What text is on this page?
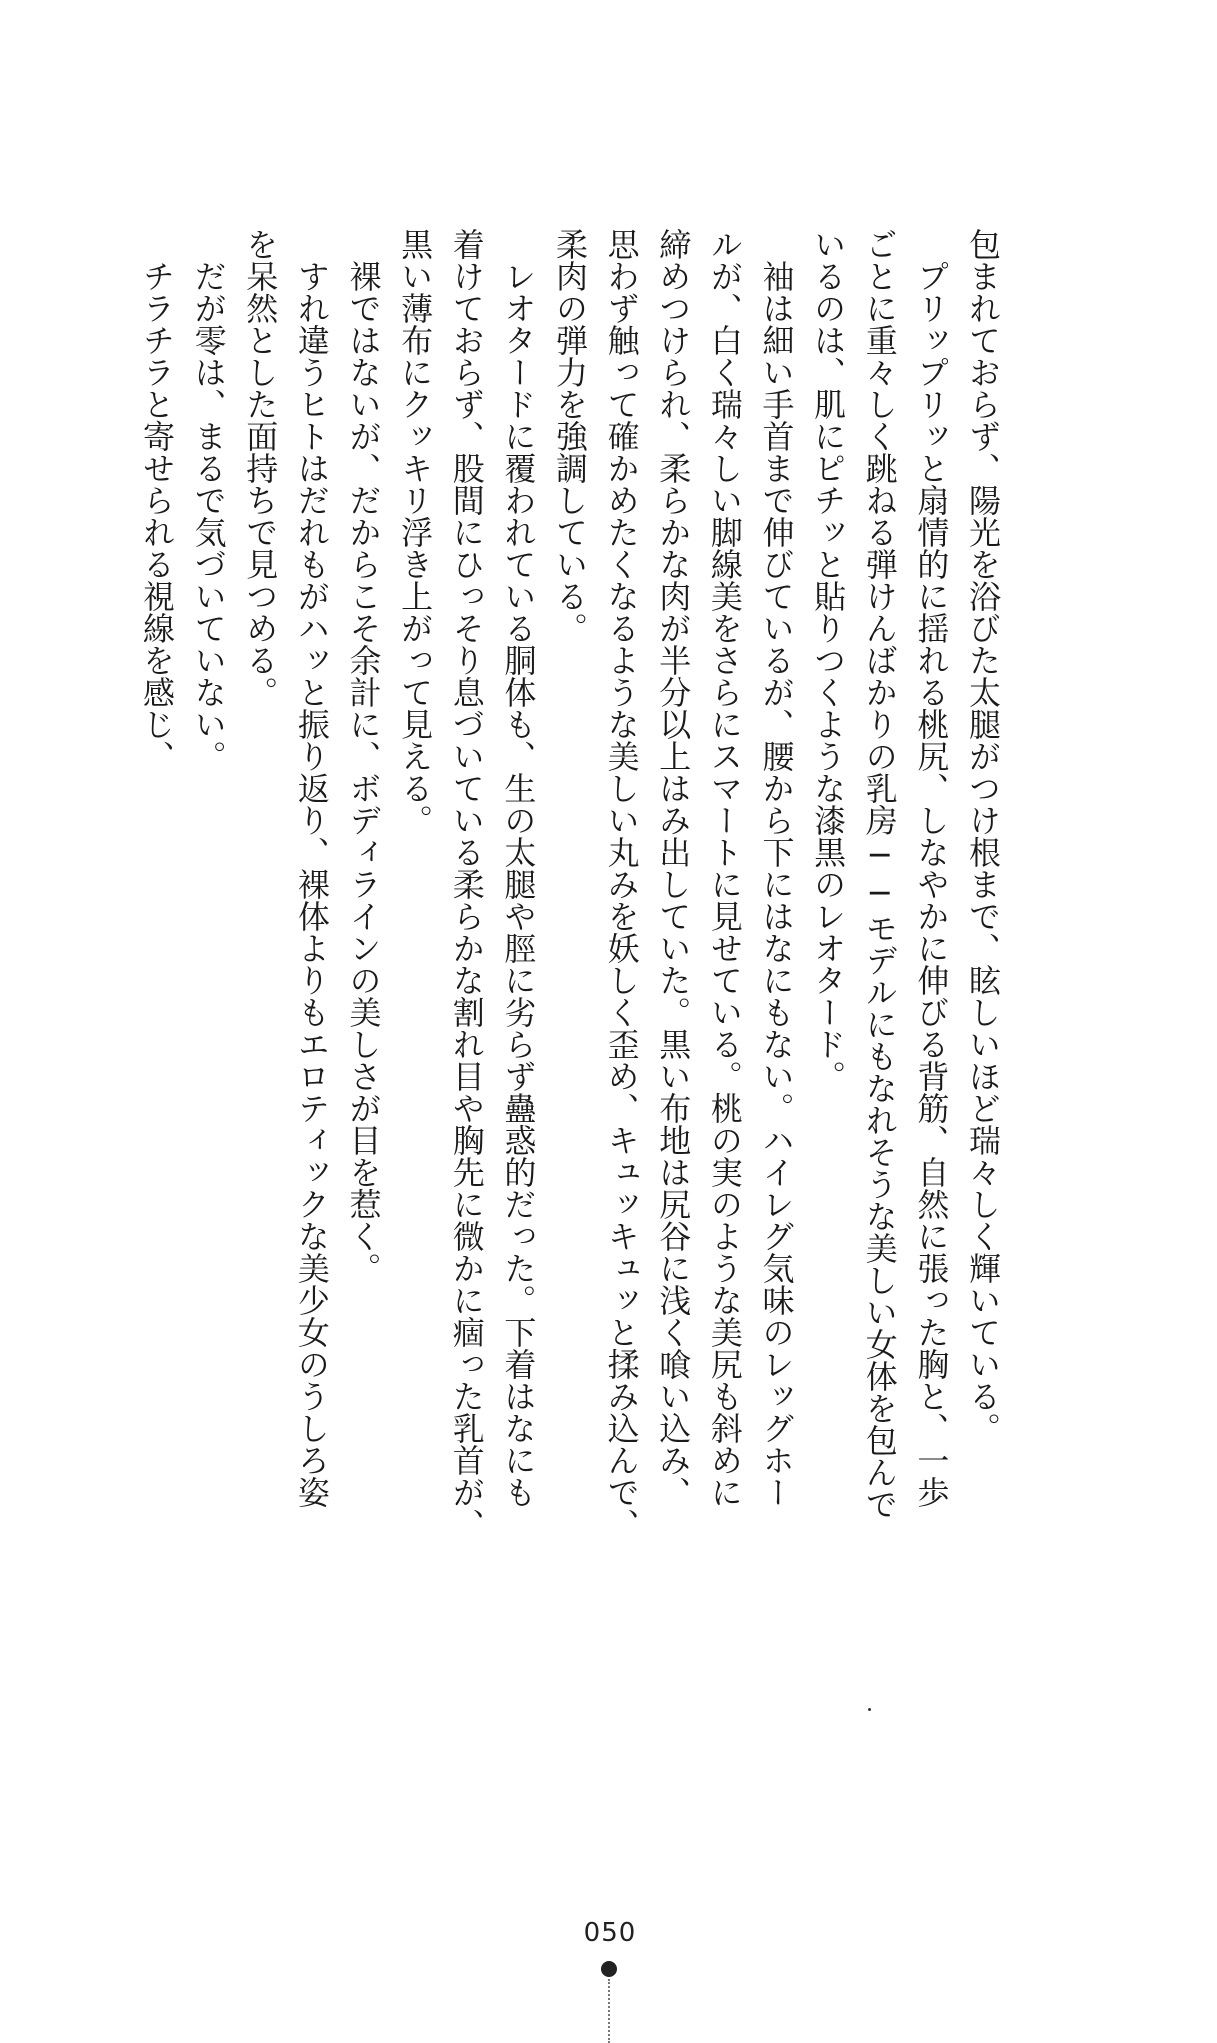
包まれておらず、陽光を浴びた太腿がつけ根まで、眩しいほど瑞々しく輝いている。
　プリップリッと扇情的に揺れる桃尻、しなやかに伸びる背筋、自然に張った胸と、一歩
ごとに重々しく跳ねる弾けんばかりの乳房──モデルにもなれそうな美しい女体を包んで
いるのは、肌にピチッと貼りつくような漆黒のレオタード。
　袖は細い手首まで伸びているが、腰から下にはなにもない。ハイレグ気味のレッグホー
ルが、白く瑞々しい脚線美をさらにスマートに見せている。桃の実のような美尻も斜めに
締めつけられ、柔らかな肉が半分以上はみ出していた。黒い布地は尻谷に浅く喰い込み、
思わず触って確かめたくなるような美しい丸みを妖しく歪め、キュッキュッと揉み込んで、
柔肉の弾力を強調している。
　レオタードに覆われている胴体も、生の太腿や脛に劣らず蠱惑的だった。下着はなにも
着けておらず、股間にひっそり息づいている柔らかな割れ目や胸先に微かに痼った乳首が、
黒い薄布にクッキリ浮き上がって見える。
　裸ではないが、だからこそ余計に、ボディラインの美しさが目を惹く。
　すれ違うヒトはだれもがハッと振り返り、裸体よりもエロティックな美少女のうしろ姿
を呆然とした面持ちで見つめる。
　だが零は、まるで気づいていない。
　チラチラと寄せられる視線を感じ、
050
